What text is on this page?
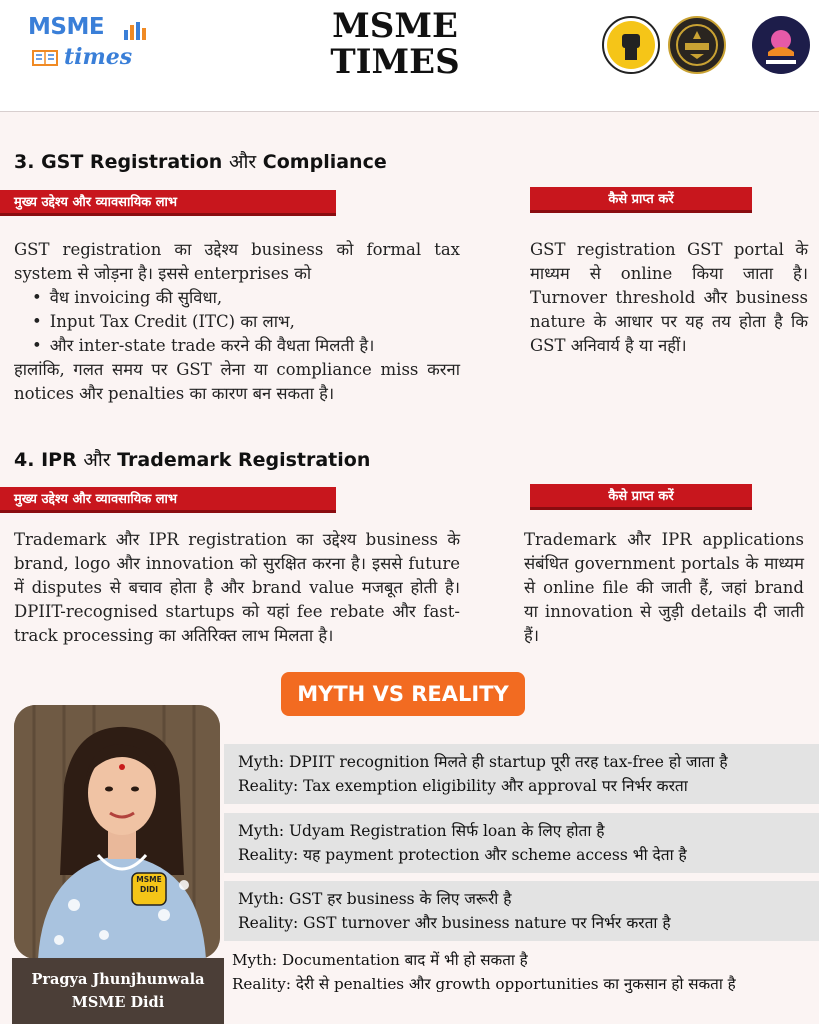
MSME
times
MSME
TIMES
3. GST Registration और Compliance
मुख्य उद्देश्य और व्यावसायिक लाभ	कैसे प्राप्त करें

GST registration का उद्देश्य business को formal tax system से जोड़ना है। इससे enterprises को

• वैध invoicing की सुविधा,
• Input Tax Credit (ITC) का लाभ,
• और inter-state trade करने की वैधता मिलती है।

हालांकि, गलत समय पर GST लेना या compliance miss करना notices और penalties का कारण बन सकता है।

GST registration GST portal के माध्यम से online किया जाता है। Turnover threshold और business nature के आधार पर यह तय होता है कि GST अनिवार्य है या नहीं।
4. IPR और Trademark Registration
मुख्य उद्देश्य और व्यावसायिक लाभ	कैसे प्राप्त करें
Trademark और IPR registration का उद्देश्य business के brand, logo और innovation को सुरक्षित करना है। इससे future में disputes से बचाव होता है और brand value मजबूत होती है। DPIIT-recognised startups को यहां fee rebate और fast-track processing का अतिरिक्त लाभ मिलता है।
Trademark और IPR applications संबंधित government portals के माध्यम से online file की जाती हैं, जहां brand या innovation से जुड़ी details दी जाती हैं।
MYTH VS REALITY
MSME DIDI
Pragya Jhunjhunwala
MSME Didi
Myth: DPIIT recognition मिलते ही startup पूरी तरह tax-free हो जाता है
Reality: Tax exemption eligibility और approval पर निर्भर करता
Myth: Udyam Registration सिर्फ loan के लिए होता है
Reality: यह payment protection और scheme access भी देता है
Myth: GST हर business के लिए जरूरी है
Reality: GST turnover और business nature पर निर्भर करता है
Myth: Documentation बाद में भी हो सकता है
Reality: देरी से penalties और growth opportunities का नुकसान हो सकता है
